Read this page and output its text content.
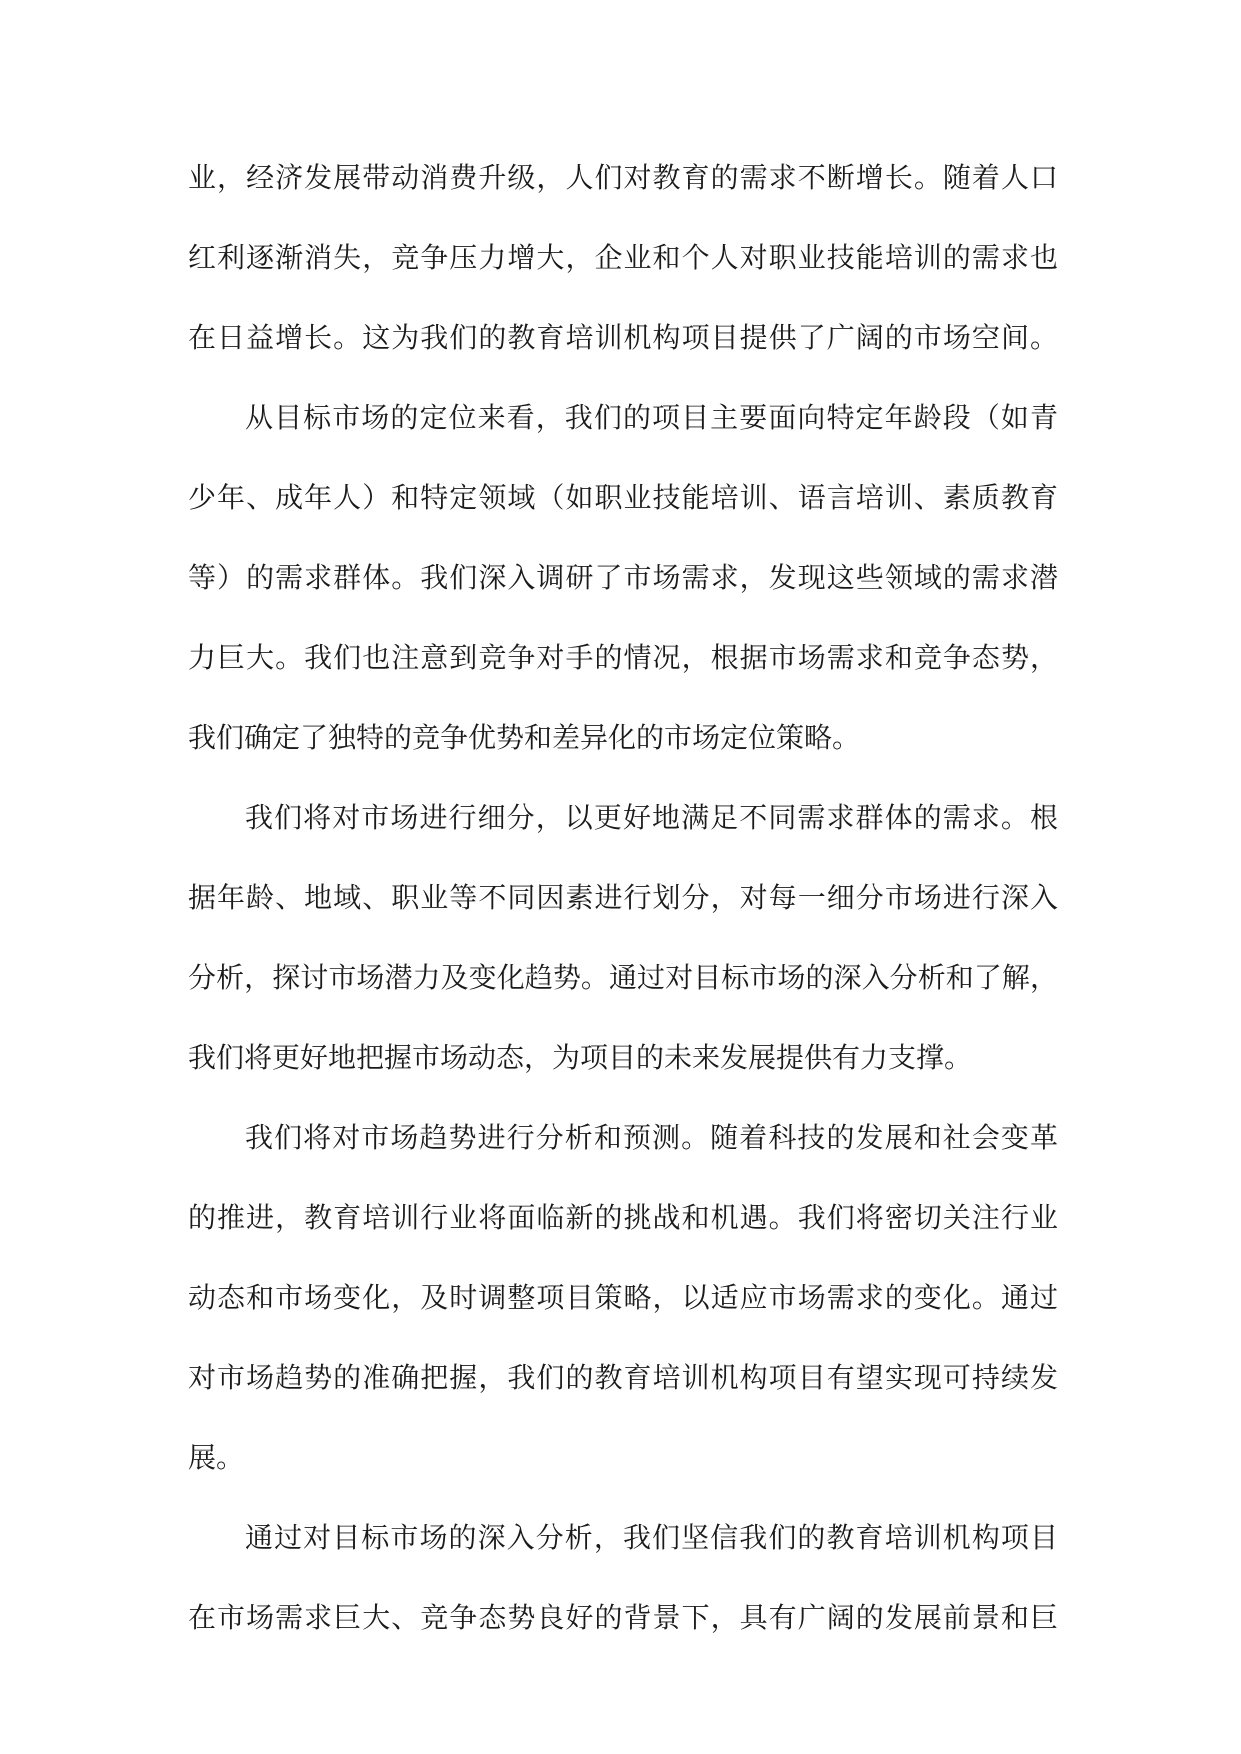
业，经济发展带动消费升级，人们对教育的需求不断增长。随着人口
红利逐渐消失，竞争压力增大，企业和个人对职业技能培训的需求也
在日益增长。这为我们的教育培训机构项目提供了广阔的市场空间。
从目标市场的定位来看，我们的项目主要面向特定年龄段（如青
少年、成年人）和特定领域（如职业技能培训、语言培训、素质教育
等）的需求群体。我们深入调研了市场需求，发现这些领域的需求潜
力巨大。我们也注意到竞争对手的情况，根据市场需求和竞争态势，
我们确定了独特的竞争优势和差异化的市场定位策略。
我们将对市场进行细分，以更好地满足不同需求群体的需求。根
据年龄、地域、职业等不同因素进行划分，对每一细分市场进行深入
分析，探讨市场潜力及变化趋势。通过对目标市场的深入分析和了解，
我们将更好地把握市场动态，为项目的未来发展提供有力支撑。
我们将对市场趋势进行分析和预测。随着科技的发展和社会变革
的推进，教育培训行业将面临新的挑战和机遇。我们将密切关注行业
动态和市场变化，及时调整项目策略，以适应市场需求的变化。通过
对市场趋势的准确把握，我们的教育培训机构项目有望实现可持续发
展。
通过对目标市场的深入分析，我们坚信我们的教育培训机构项目
在市场需求巨大、竞争态势良好的背景下，具有广阔的发展前景和巨
